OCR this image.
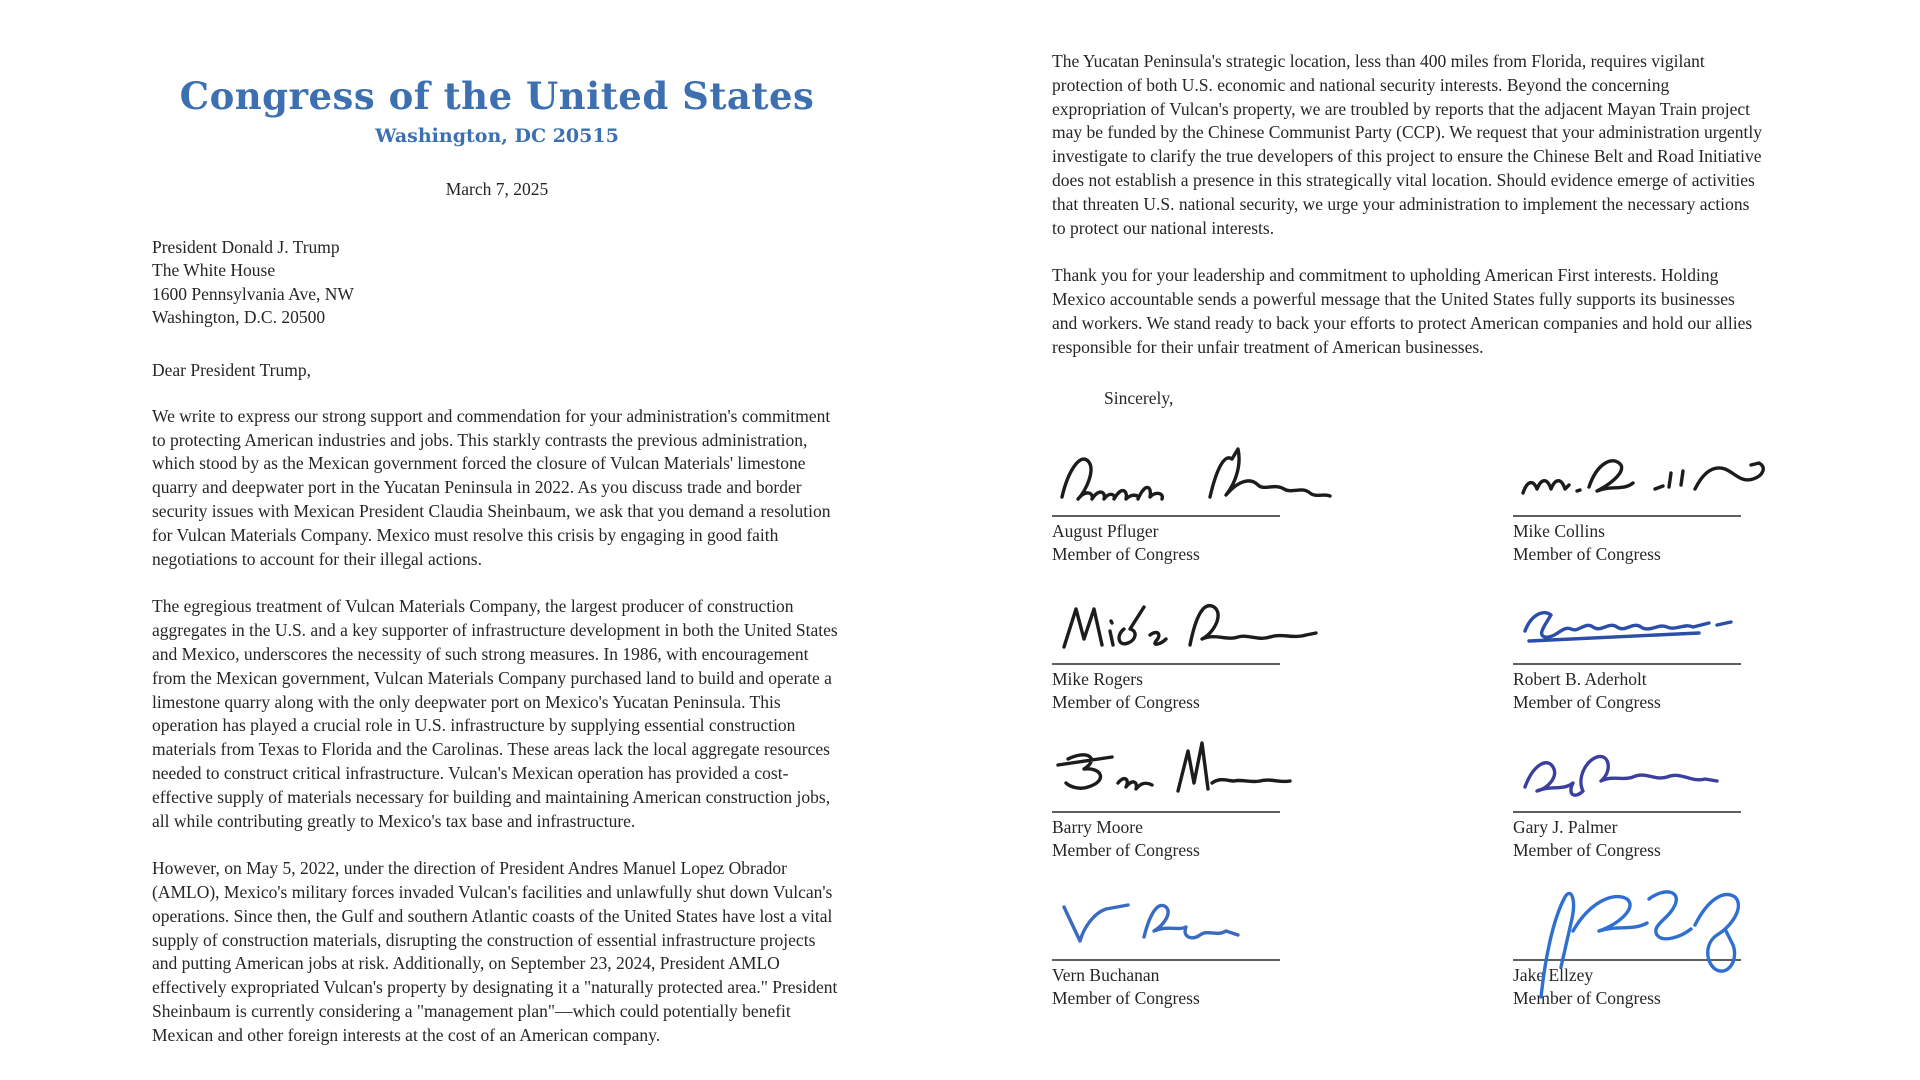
Congress of the United States
Washington, DC 20515
March 7, 2025
President Donald J. Trump
The White House
1600 Pennsylvania Ave, NW
Washington, D.C. 20500
Dear President Trump,

We write to express our strong support and commendation for your administration's commitment to protecting American industries and jobs. This starkly contrasts the previous administration, which stood by as the Mexican government forced the closure of Vulcan Materials' limestone quarry and deepwater port in the Yucatan Peninsula in 2022. As you discuss trade and border security issues with Mexican President Claudia Sheinbaum, we ask that you demand a resolution for Vulcan Materials Company. Mexico must resolve this crisis by engaging in good faith negotiations to account for their illegal actions.

The egregious treatment of Vulcan Materials Company, the largest producer of construction aggregates in the U.S. and a key supporter of infrastructure development in both the United States and Mexico, underscores the necessity of such strong measures. In 1986, with encouragement from the Mexican government, Vulcan Materials Company purchased land to build and operate a limestone quarry along with the only deepwater port on Mexico's Yucatan Peninsula. This operation has played a crucial role in U.S. infrastructure by supplying essential construction materials from Texas to Florida and the Carolinas. These areas lack the local aggregate resources needed to construct critical infrastructure. Vulcan's Mexican operation has provided a cost-effective supply of materials necessary for building and maintaining American construction jobs, all while contributing greatly to Mexico's tax base and infrastructure.

However, on May 5, 2022, under the direction of President Andres Manuel Lopez Obrador (AMLO), Mexico's military forces invaded Vulcan's facilities and unlawfully shut down Vulcan's operations. Since then, the Gulf and southern Atlantic coasts of the United States have lost a vital supply of construction materials, disrupting the construction of essential infrastructure projects and putting American jobs at risk. Additionally, on September 23, 2024, President AMLO effectively expropriated Vulcan's property by designating it a "naturally protected area." President Sheinbaum is currently considering a "management plan"—which could potentially benefit Mexican and other foreign interests at the cost of an American company.

The Yucatan Peninsula's strategic location, less than 400 miles from Florida, requires vigilant protection of both U.S. economic and national security interests. Beyond the concerning expropriation of Vulcan's property, we are troubled by reports that the adjacent Mayan Train project may be funded by the Chinese Communist Party (CCP). We request that your administration urgently investigate to clarify the true developers of this project to ensure the Chinese Belt and Road Initiative does not establish a presence in this strategically vital location. Should evidence emerge of activities that threaten U.S. national security, we urge your administration to implement the necessary actions to protect our national interests.

Thank you for your leadership and commitment to upholding American First interests. Holding Mexico accountable sends a powerful message that the United States fully supports its businesses and workers. We stand ready to back your efforts to protect American companies and hold our allies responsible for their unfair treatment of American businesses.

Sincerely,
August Pfluger
Member of Congress
Mike Collins
Member of Congress
Mike Rogers
Member of Congress
Robert B. Aderholt
Member of Congress
Barry Moore
Member of Congress
Gary J. Palmer
Member of Congress
Vern Buchanan
Member of Congress
Jake Ellzey
Member of Congress
